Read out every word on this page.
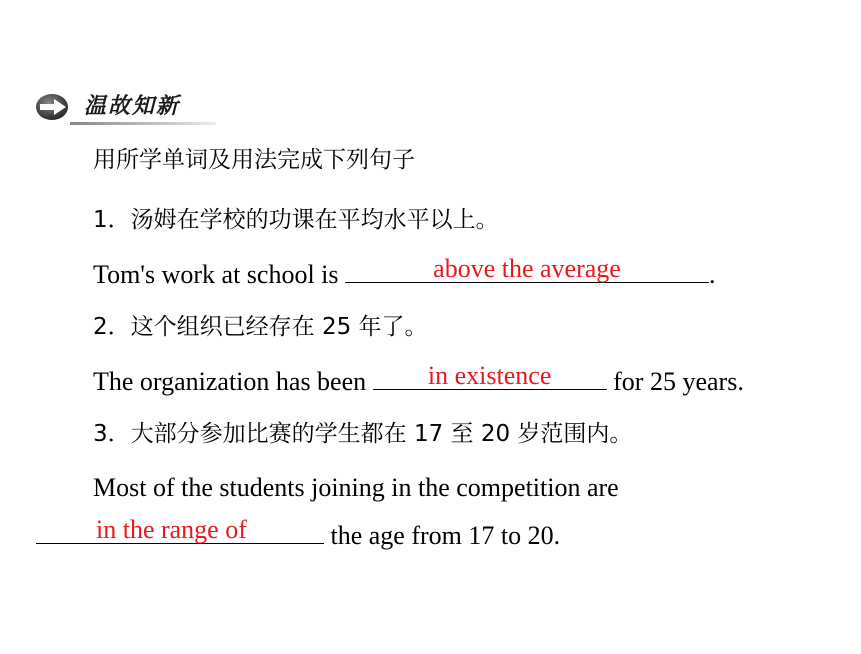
温故知新
用所学单词及用法完成下列句子
1．汤姆在学校的功课在平均水平以上。
Tom's work at school is	above the average	.
2．这个组织已经存在 25 年了。
The organization has been	in existence	for 25 years.
3．大部分参加比赛的学生都在 17 至 20 岁范围内。
Most of the students joining in the competition are
in the range of	the age from 17 to 20.
